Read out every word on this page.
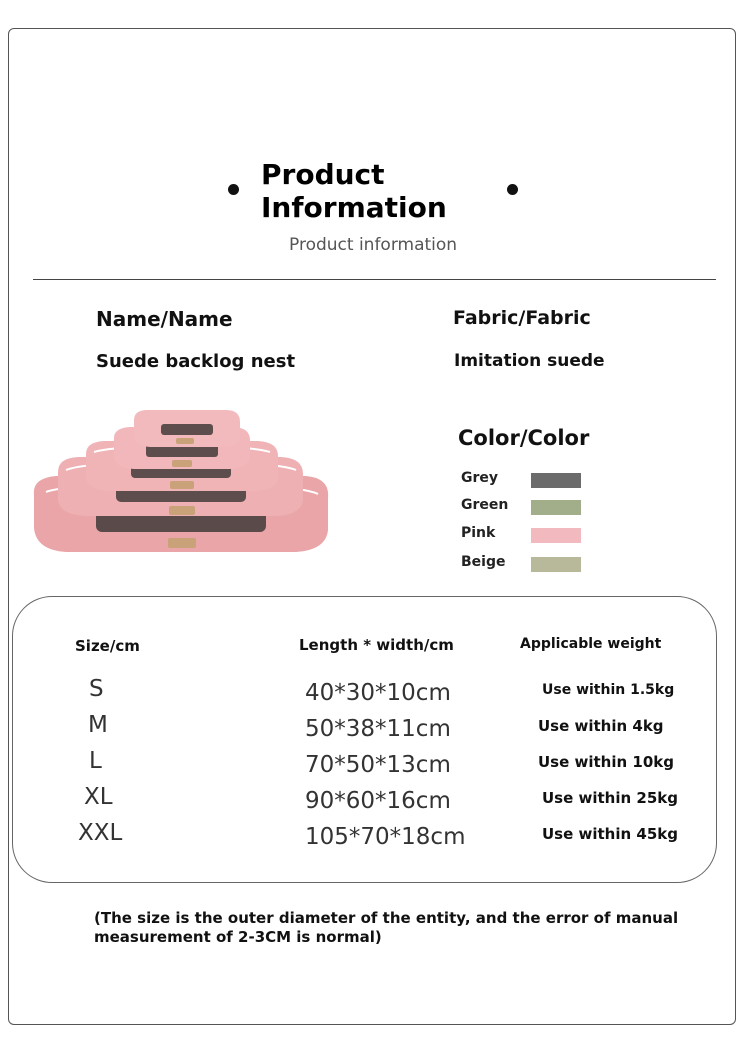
Product Information
Product information
Name/Name
Suede backlog nest
Fabric/Fabric
Imitation suede
Color/Color
Grey
Green
Pink
Beige
Size/cm	Length * width/cm	Applicable weight
S	40*30*10cm	Use within 1.5kg
M	50*38*11cm	Use within 4kg
L	70*50*13cm	Use within 10kg
XL	90*60*16cm	Use within 25kg
XXL	105*70*18cm	Use within 45kg
(The size is the outer diameter of the entity, and the error of manual measurement of 2-3CM is normal)
